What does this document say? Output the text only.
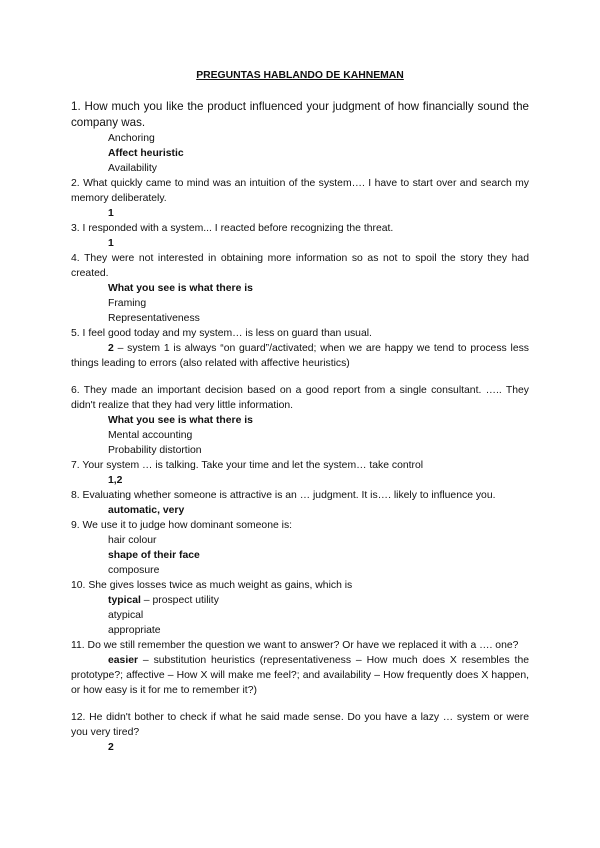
PREGUNTAS HABLANDO DE KAHNEMAN

1. How much you like the product influenced your judgment of how financially sound the company was.

Anchoring

Affect heuristic

Availability

2. What quickly came to mind was an intuition of the system…. I have to start over and search my memory deliberately.

1

3. I responded with a system... I reacted before recognizing the threat.

1

4. They were not interested in obtaining more information so as not to spoil the story they had created.

What you see is what there is

Framing

Representativeness

5. I feel good today and my system… is less on guard than usual.

2 – system 1 is always “on guard”/activated; when we are happy we tend to process less things leading to errors (also related with affective heuristics)

6. They made an important decision based on a good report from a single consultant. ….. They didn't realize that they had very little information.

What you see is what there is

Mental accounting

Probability distortion

7. Your system … is talking. Take your time and let the system… take control

1,2

8. Evaluating whether someone is attractive is an … judgment. It is…. likely to influence you.

automatic, very

9. We use it to judge how dominant someone is:

hair colour

shape of their face

composure

10. She gives losses twice as much weight as gains, which is

typical – prospect utility

atypical

appropriate

11. Do we still remember the question we want to answer? Or have we replaced it with a …. one?

easier – substitution heuristics (representativeness – How much does X resembles the prototype?; affective – How X will make me feel?; and availability – How frequently does X happen, or how easy is it for me to remember it?)

12. He didn't bother to check if what he said made sense. Do you have a lazy … system or were you very tired?

2
